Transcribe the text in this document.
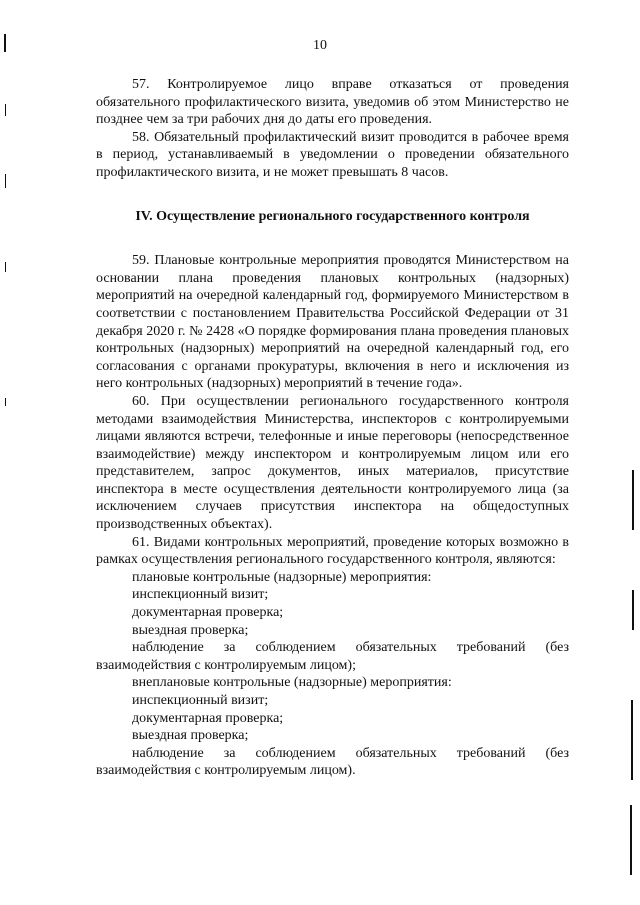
10

57. Контролируемое лицо вправе отказаться от проведения обязательного профилактического визита, уведомив об этом Министерство не позднее чем за три рабочих дня до даты его проведения.

58. Обязательный профилактический визит проводится в рабочее время в период, устанавливаемый в уведомлении о проведении обязательного профилактического визита, и не может превышать 8 часов.

IV. Осуществление регионального государственного контроля

59. Плановые контрольные мероприятия проводятся Министерством на основании плана проведения плановых контрольных (надзорных) мероприятий на очередной календарный год, формируемого Министерством в соответствии с постановлением Правительства Российской Федерации от 31 декабря 2020 г. № 2428 «О порядке формирования плана проведения плановых контрольных (надзорных) мероприятий на очередной календарный год, его согласования с органами прокуратуры, включения в него и исключения из него контрольных (надзорных) мероприятий в течение года».

60. При осуществлении регионального государственного контроля методами взаимодействия Министерства, инспекторов с контролируемыми лицами являются встречи, телефонные и иные переговоры (непосредственное взаимодействие) между инспектором и контролируемым лицом или его представителем, запрос документов, иных материалов, присутствие инспектора в месте осуществления деятельности контролируемого лица (за исключением случаев присутствия инспектора на общедоступных производственных объектах).

61. Видами контрольных мероприятий, проведение которых возможно в рамках осуществления регионального государственного контроля, являются:

плановые контрольные (надзорные) мероприятия:

инспекционный визит;

документарная проверка;

выездная проверка;

наблюдение за соблюдением обязательных требований (без взаимодействия с контролируемым лицом);

внеплановые контрольные (надзорные) мероприятия:

инспекционный визит;

документарная проверка;

выездная проверка;

наблюдение за соблюдением обязательных требований (без взаимодействия с контролируемым лицом).
